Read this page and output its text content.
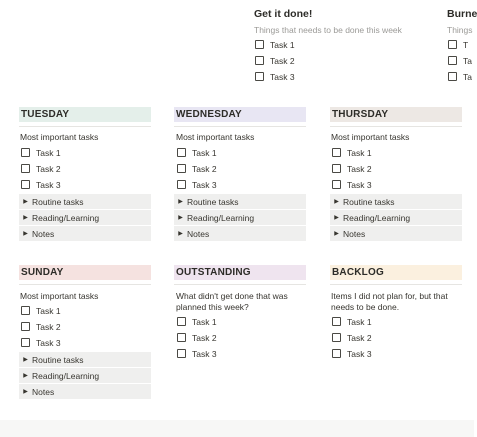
Get it done!
Things that needs to be done this week
Task 1
Task 2
Task 3
Burne
Things
T
Ta
Ta
TUESDAY
Most important tasks
Task 1
Task 2
Task 3
▶ Routine tasks
▶ Reading/Learning
▶ Notes
WEDNESDAY
Most important tasks
Task 1
Task 2
Task 3
▶ Routine tasks
▶ Reading/Learning
▶ Notes
THURSDAY
Most important tasks
Task 1
Task 2
Task 3
▶ Routine tasks
▶ Reading/Learning
▶ Notes
SUNDAY
Most important tasks
Task 1
Task 2
Task 3
▶ Routine tasks
▶ Reading/Learning
▶ Notes
OUTSTANDING
What didn't get done that was
planned this week?
Task 1
Task 2
Task 3
BACKLOG
Items I did not plan for, but that
needs to be done.
Task 1
Task 2
Task 3
